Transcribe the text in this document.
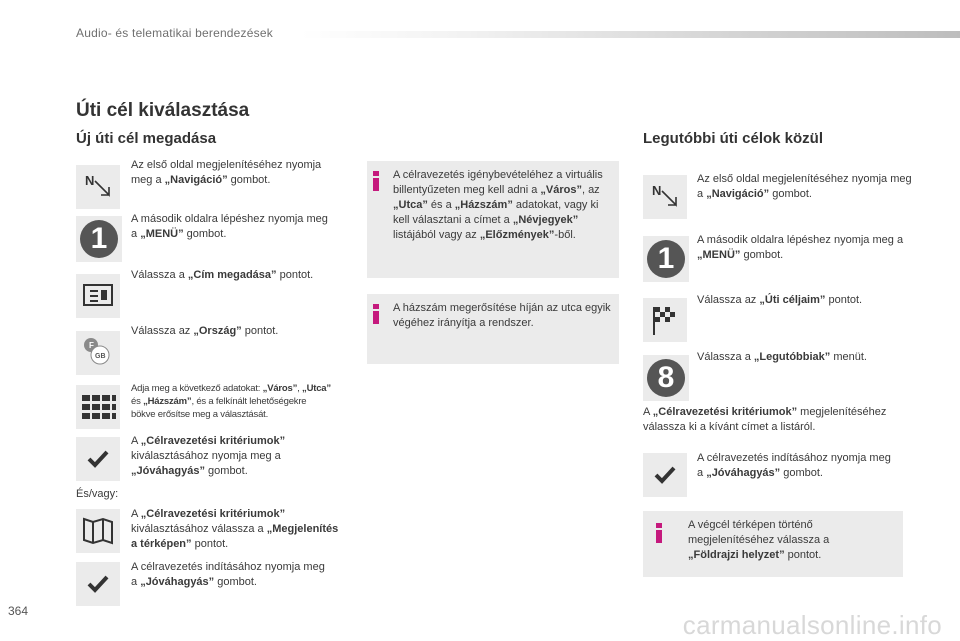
Audio- és telematikai berendezések
Úti cél kiválasztása
Új úti cél megadása	Legutóbbi úti célok közül
N
Az első oldal megjelenítéséhez nyomja meg a „Navigáció” gombot.
1
A második oldalra lépéshez nyomja meg a „MENÜ” gombot.
Válassza a „Cím megadása” pontot.
F
GB
Válassza az „Ország” pontot.
Adja meg a következő adatokat: „Város”, „Utca”
és „Házszám”, és a felkínált lehetőségekre
bökve erősítse meg a választását.
A „Célravezetési kritériumok” kiválasztásához nyomja meg a „Jóváhagyás” gombot.
És/vagy:
A „Célravezetési kritériumok” kiválasztásához válassza a „Megjelenítés a térképen” pontot.
A célravezetés indításához nyomja meg a „Jóváhagyás” gombot.
A célravezetés igénybevételéhez a virtuális billentyűzeten meg kell adni a „Város”, az „Utca” és a „Házszám” adatokat, vagy ki kell választani a címet a „Névjegyek” listájából vagy az „Előzmények”-ből.
A házszám megerősítése híján az utca egyik végéhez irányítja a rendszer.
N
Az első oldal megjelenítéséhez nyomja meg a „Navigáció” gombot.
1
A második oldalra lépéshez nyomja meg a „MENÜ” gombot.
Válassza az „Úti céljaim” pontot.
8
Válassza a „Legutóbbiak” menüt.
A „Célravezetési kritériumok” megjelenítéséhez válassza ki a kívánt címet a listáról.
A célravezetés indításához nyomja meg a „Jóváhagyás” gombot.
A végcél térképen történő megjelenítéséhez válassza a „Földrajzi helyzet” pontot.
364	carmanualsonline.info
